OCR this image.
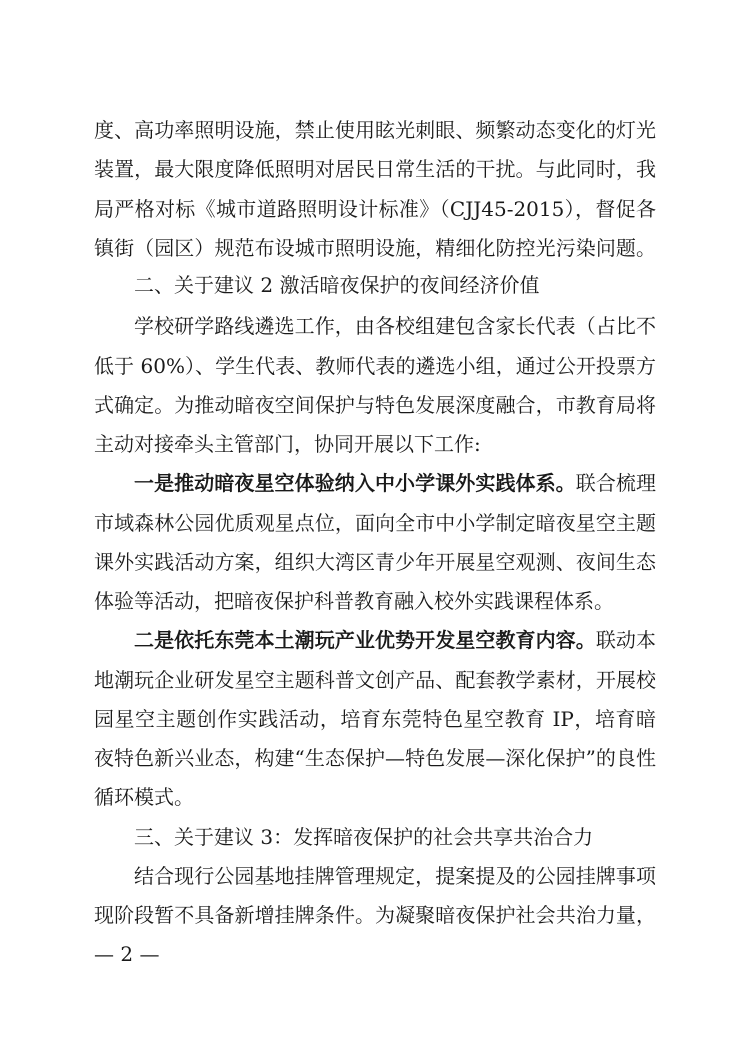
度、高功率照明设施，禁止使用眩光刺眼、频繁动态变化的灯光
装置，最大限度降低照明对居民日常生活的干扰。与此同时，我
局严格对标《城市道路照明设计标准》（CJJ45-2015），督促各
镇街（园区）规范布设城市照明设施，精细化防控光污染问题。
二、关于建议 2 激活暗夜保护的夜间经济价值
学校研学路线遴选工作，由各校组建包含家长代表（占比不
低于 60%）、学生代表、教师代表的遴选小组，通过公开投票方
式确定。为推动暗夜空间保护与特色发展深度融合，市教育局将
主动对接牵头主管部门，协同开展以下工作:
一是推动暗夜星空体验纳入中小学课外实践体系。联合梳理
市域森林公园优质观星点位，面向全市中小学制定暗夜星空主题
课外实践活动方案，组织大湾区青少年开展星空观测、夜间生态
体验等活动，把暗夜保护科普教育融入校外实践课程体系。
二是依托东莞本土潮玩产业优势开发星空教育内容。联动本
地潮玩企业研发星空主题科普文创产品、配套教学素材，开展校
园星空主题创作实践活动，培育东莞特色星空教育 IP，培育暗
夜特色新兴业态，构建“生态保护—特色发展—深化保护”的良性
循环模式。
三、关于建议 3：发挥暗夜保护的社会共享共治合力
结合现行公园基地挂牌管理规定，提案提及的公园挂牌事项
现阶段暂不具备新增挂牌条件。为凝聚暗夜保护社会共治力量，
— 2 —
